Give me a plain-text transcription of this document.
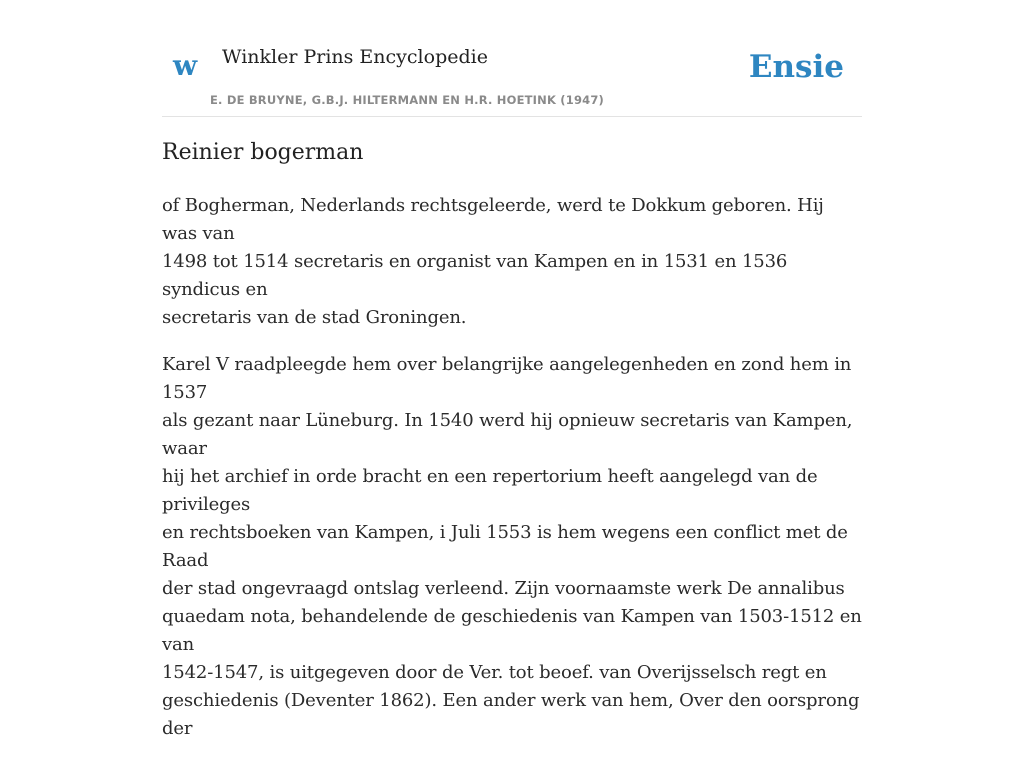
w Winkler Prins Encyclopedie
E. DE BRUYNE, G.B.J. HILTERMANN EN H.R. HOETINK (1947)
Ensie
Reinier bogerman

of Bogherman, Nederlands rechtsgeleerde, werd te Dokkum geboren. Hij was van
1498 tot 1514 secretaris en organist van Kampen en in 1531 en 1536 syndicus en
secretaris van de stad Groningen.

Karel V raadpleegde hem over belangrijke aangelegenheden en zond hem in 1537
als gezant naar Lüneburg. In 1540 werd hij opnieuw secretaris van Kampen, waar
hij het archief in orde bracht en een repertorium heeft aangelegd van de privileges
en rechtsboeken van Kampen, i Juli 1553 is hem wegens een conflict met de Raad
der stad ongevraagd ontslag verleend. Zijn voornaamste werk De annalibus
quaedam nota, behandelende de geschiedenis van Kampen van 1503-1512 en van
1542-1547, is uitgegeven door de Ver. tot beoef. van Overijsselsch regt en
geschiedenis (Deventer 1862). Een ander werk van hem, Over den oorsprong der
